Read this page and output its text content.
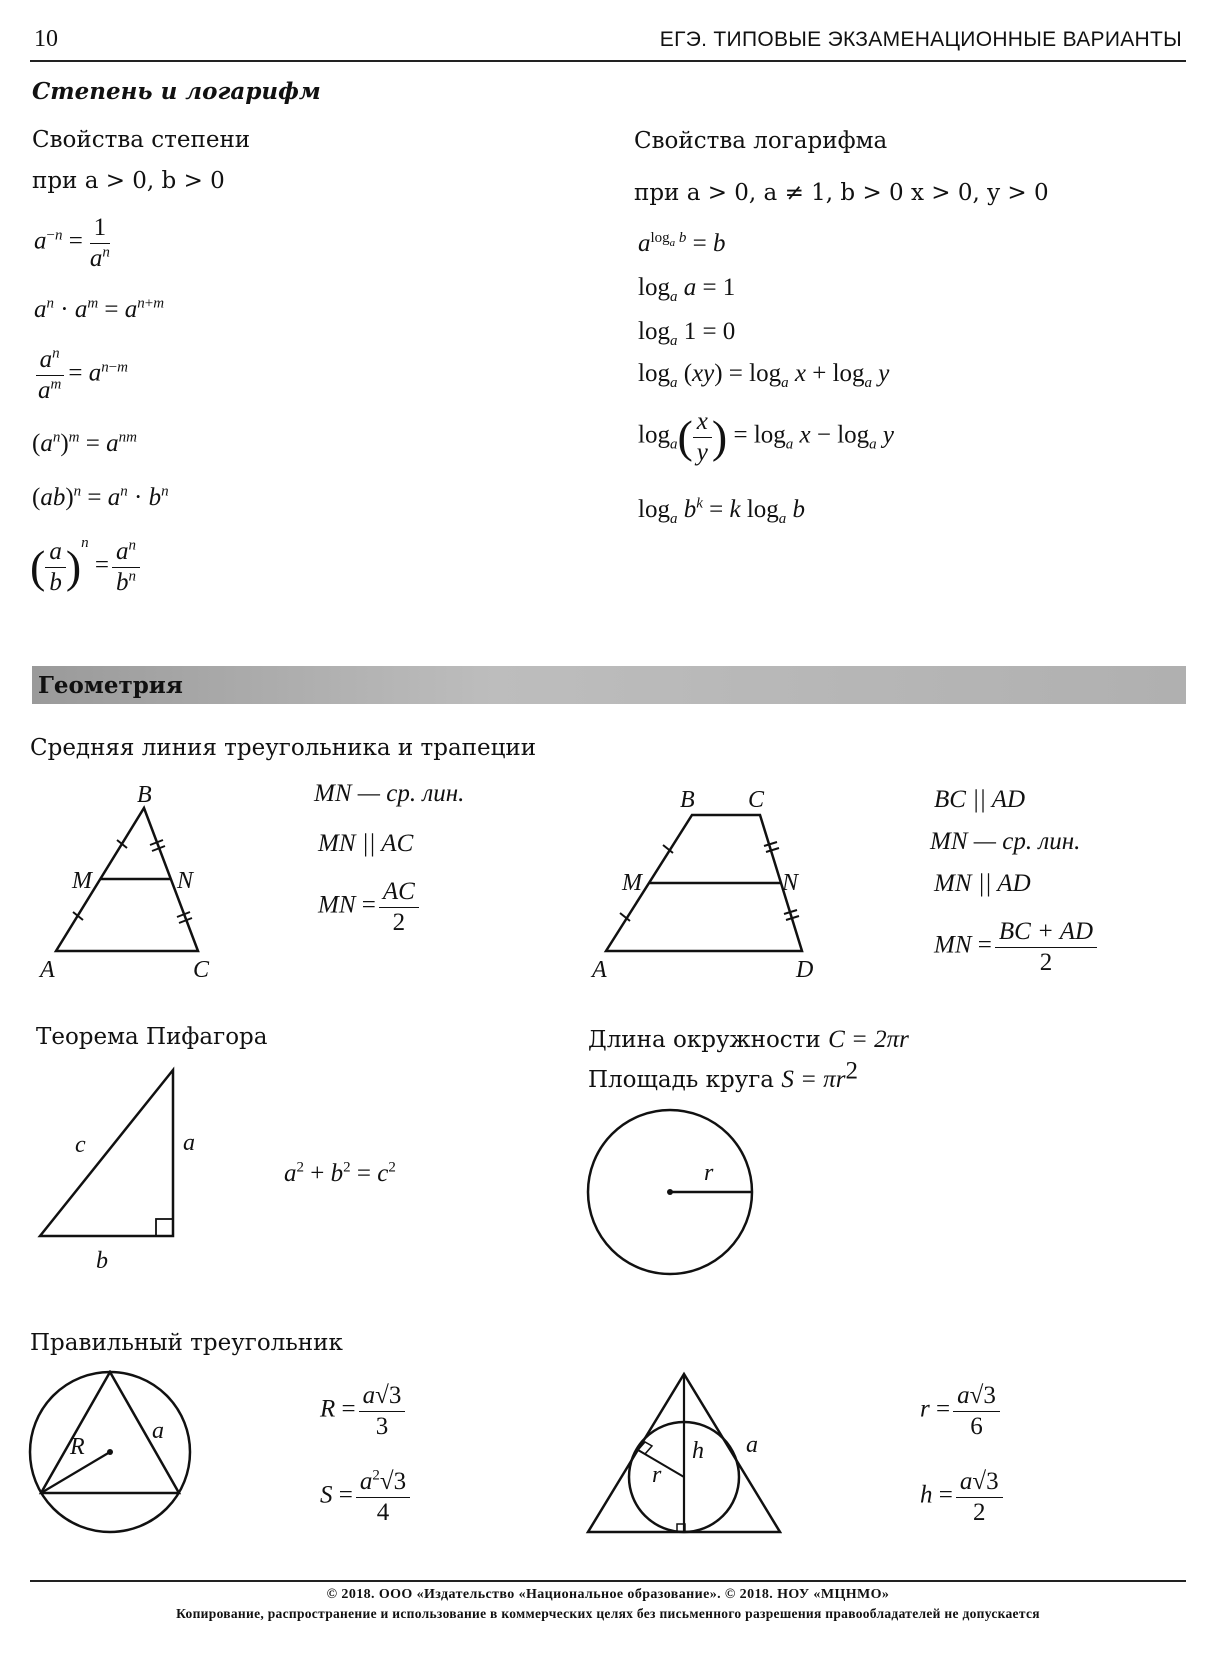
10	ЕГЭ. ТИПОВЫЕ ЭКЗАМЕНАЦИОННЫЕ ВАРИАНТЫ
Степень и логарифм
Свойства степени
при a > 0, b > 0
$a^{-n} = \frac{1}{a^n}$
$a^n \cdot a^m = a^{n+m}$
$\frac{a^n}{a^m} = a^{n-m}$
$(a^n)^m = a^{nm}$
$(ab)^n = a^n \cdot b^n$
( $\frac{a}{b} )^n = \frac{a^n}{b^n}$
Свойства логарифма
при a > 0, a ≠ 1, b > 0 x > 0, y > 0
$a^{log_a b} = b$
$\log_a a = 1$
$\log_a 1 = 0$
$\log_a (xy) = \log_a x + \log_a y$
$\log_a( \frac{x}{y}$ ) = $\log_a x - \log_a y$
$\log_a b^k = k$ $\log_a b$
Геометрия
Средняя линия треугольника и трапеции
B
M	N
A	C
MN — ср. лин.
MN || AC
MN = $\frac{AC}{2}$
B C
M	N
A	D
BC || AD
MN — ср. лин.
MN || AD
MN = $\frac{BC + AD}{2}$
Теорема Пифагора
c	a
b
$a^2 + b^2 = c^2$
Длина окружности C = 2πr
Площадь круга $S = \pi r^2$
r
Правильный треугольник
R
a
$R = \frac{a√3}{3}$
$S = \frac{a^2√3}{4}$	r
h a
$r = \frac{a√3}{6}$
$h = \frac{a√3}{2}$
© 2018. ООО «Издательство «Национальное образование». © 2018. НОУ «МЦНМО»
Копирование, распространение и использование в коммерческих целях без письменного разрешения правообладателей не допускается
